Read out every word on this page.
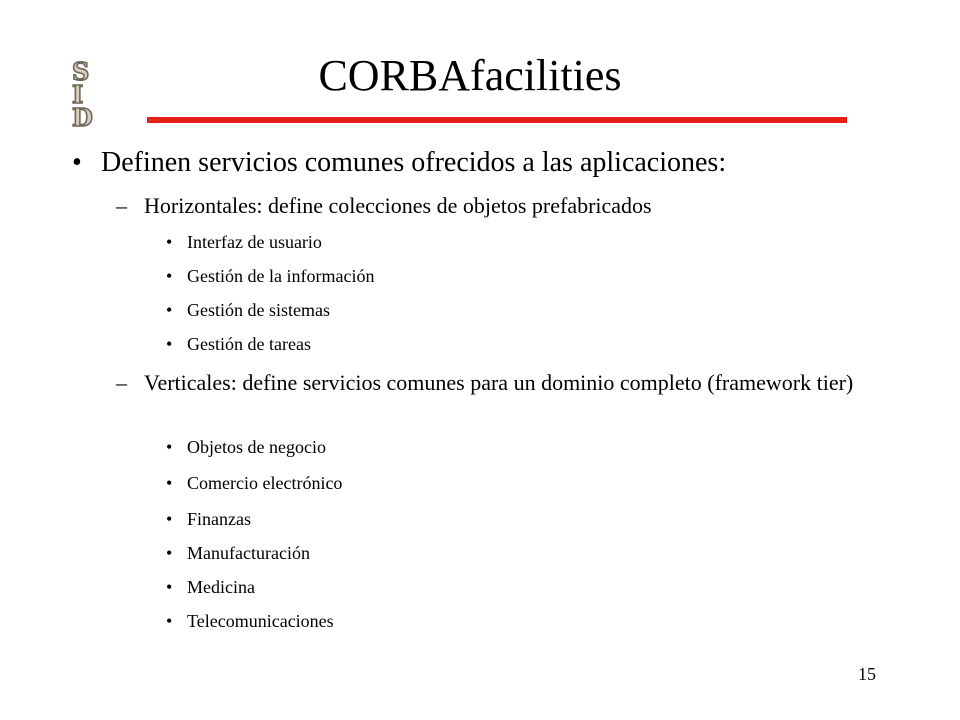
S
I
D
CORBAfacilities
• Definen servicios comunes ofrecidos a las aplicaciones:
– Horizontales: define colecciones de objetos prefabricados
• Interfaz de usuario
• Gestión de la información
• Gestión de sistemas
• Gestión de tareas
– Verticales: define servicios comunes para un dominio completo (framework tier)
• Objetos de negocio
• Comercio electrónico
• Finanzas
• Manufacturación
• Medicina
• Telecomunicaciones
15
